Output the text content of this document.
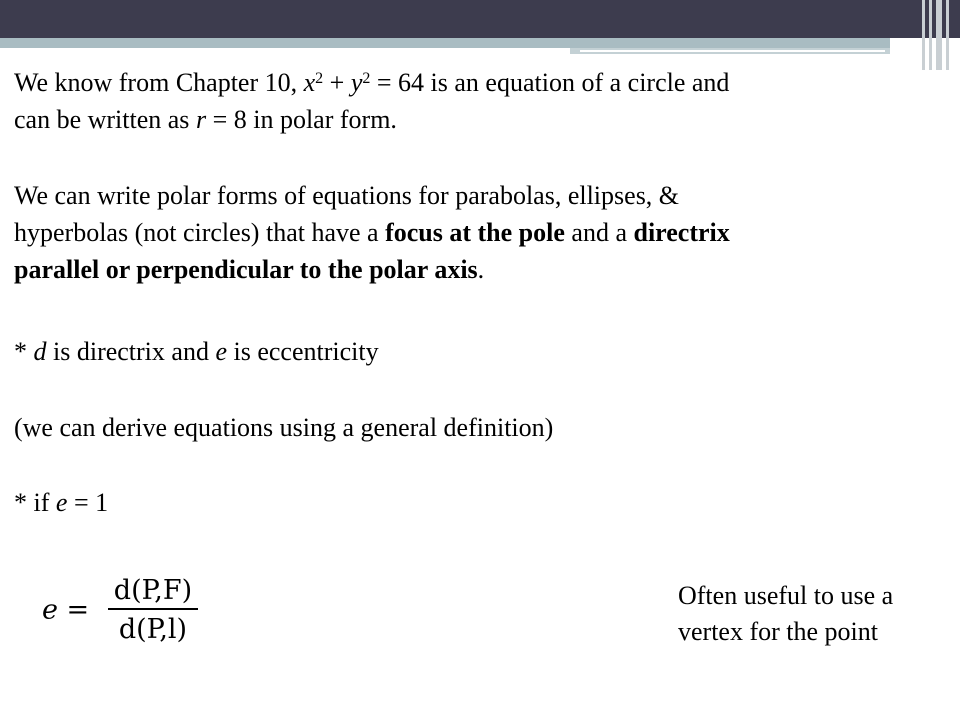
We know from Chapter 10, $x^2 + y^2 = 64$ is an equation of a circle and
can be written as r = 8 in polar form.
We can write polar forms of equations for parabolas, ellipses, &
hyperbolas (not circles) that have a focus at the pole and a directrix
parallel or perpendicular to the polar axis.
* d is directrix and e is eccentricity
(we can derive equations using a general definition)
* if e = 1
$e = \frac{d(P,F)}{d(P,l)}$	Often useful to use a
vertex for the point
